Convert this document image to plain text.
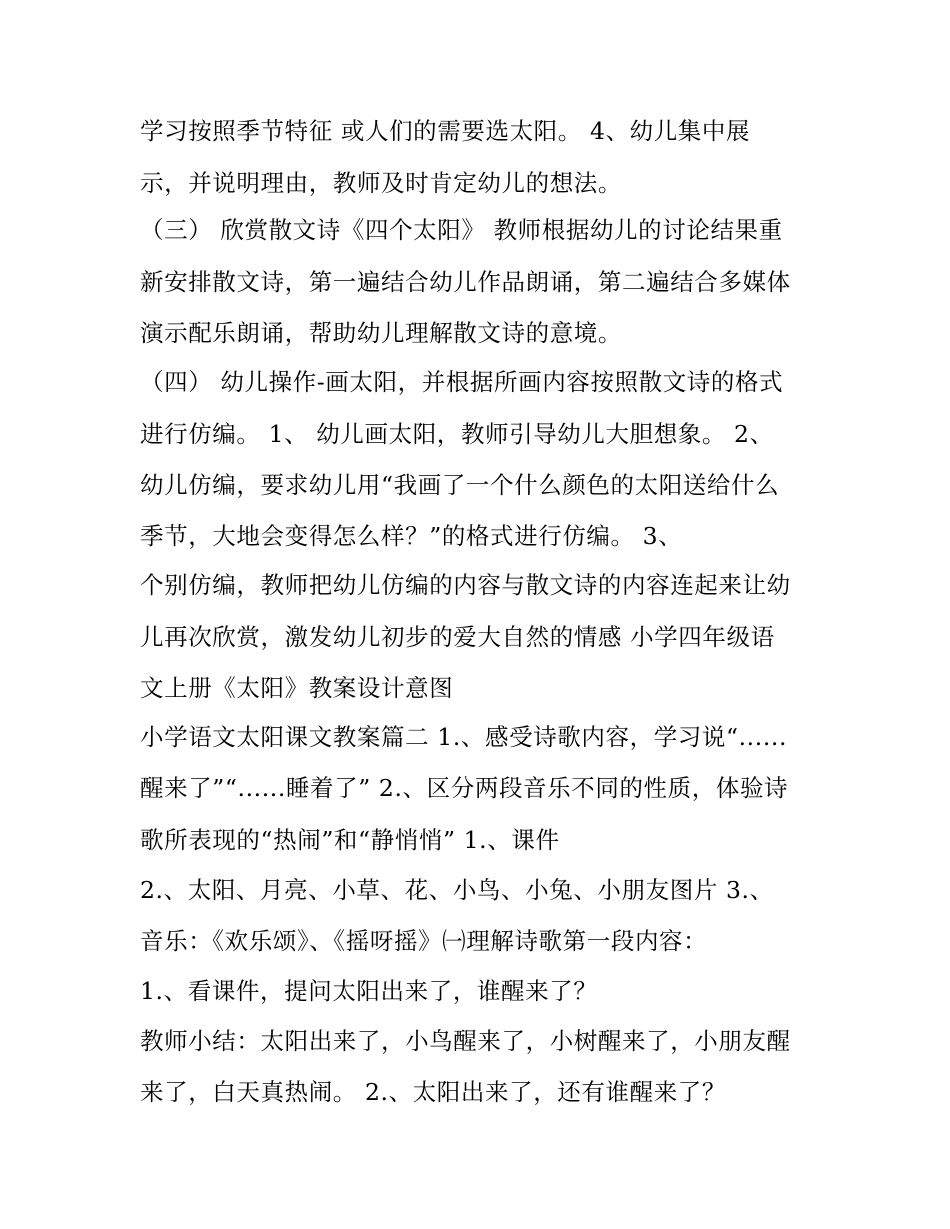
学习按照季节特征 或人们的需要选太阳。 4、幼儿集中展
示，并说明理由，教师及时肯定幼儿的想法。
（三） 欣赏散文诗《四个太阳》 教师根据幼儿的讨论结果重
新安排散文诗，第一遍结合幼儿作品朗诵，第二遍结合多媒体
演示配乐朗诵，帮助幼儿理解散文诗的意境。
（四） 幼儿操作-画太阳，并根据所画内容按照散文诗的格式
进行仿编。 1、 幼儿画太阳，教师引导幼儿大胆想象。 2、
幼儿仿编，要求幼儿用“我画了一个什么颜色的太阳送给什么
季节，大地会变得怎么样？”的格式进行仿编。 3、
个别仿编，教师把幼儿仿编的内容与散文诗的内容连起来让幼
儿再次欣赏，激发幼儿初步的爱大自然的情感 小学四年级语
文上册《太阳》教案设计意图
小学语文太阳课文教案篇二 1.、感受诗歌内容，学习说“......
醒来了”“......睡着了” 2.、区分两段音乐不同的性质，体验诗
歌所表现的“热闹”和“静悄悄” 1.、课件
2.、太阳、月亮、小草、花、小鸟、小兔、小朋友图片 3.、
音乐：《欢乐颂》、《摇呀摇》㈠理解诗歌第一段内容：
1.、看课件，提问太阳出来了，谁醒来了？
教师小结：太阳出来了，小鸟醒来了，小树醒来了，小朋友醒
来了，白天真热闹。 2.、太阳出来了，还有谁醒来了？
